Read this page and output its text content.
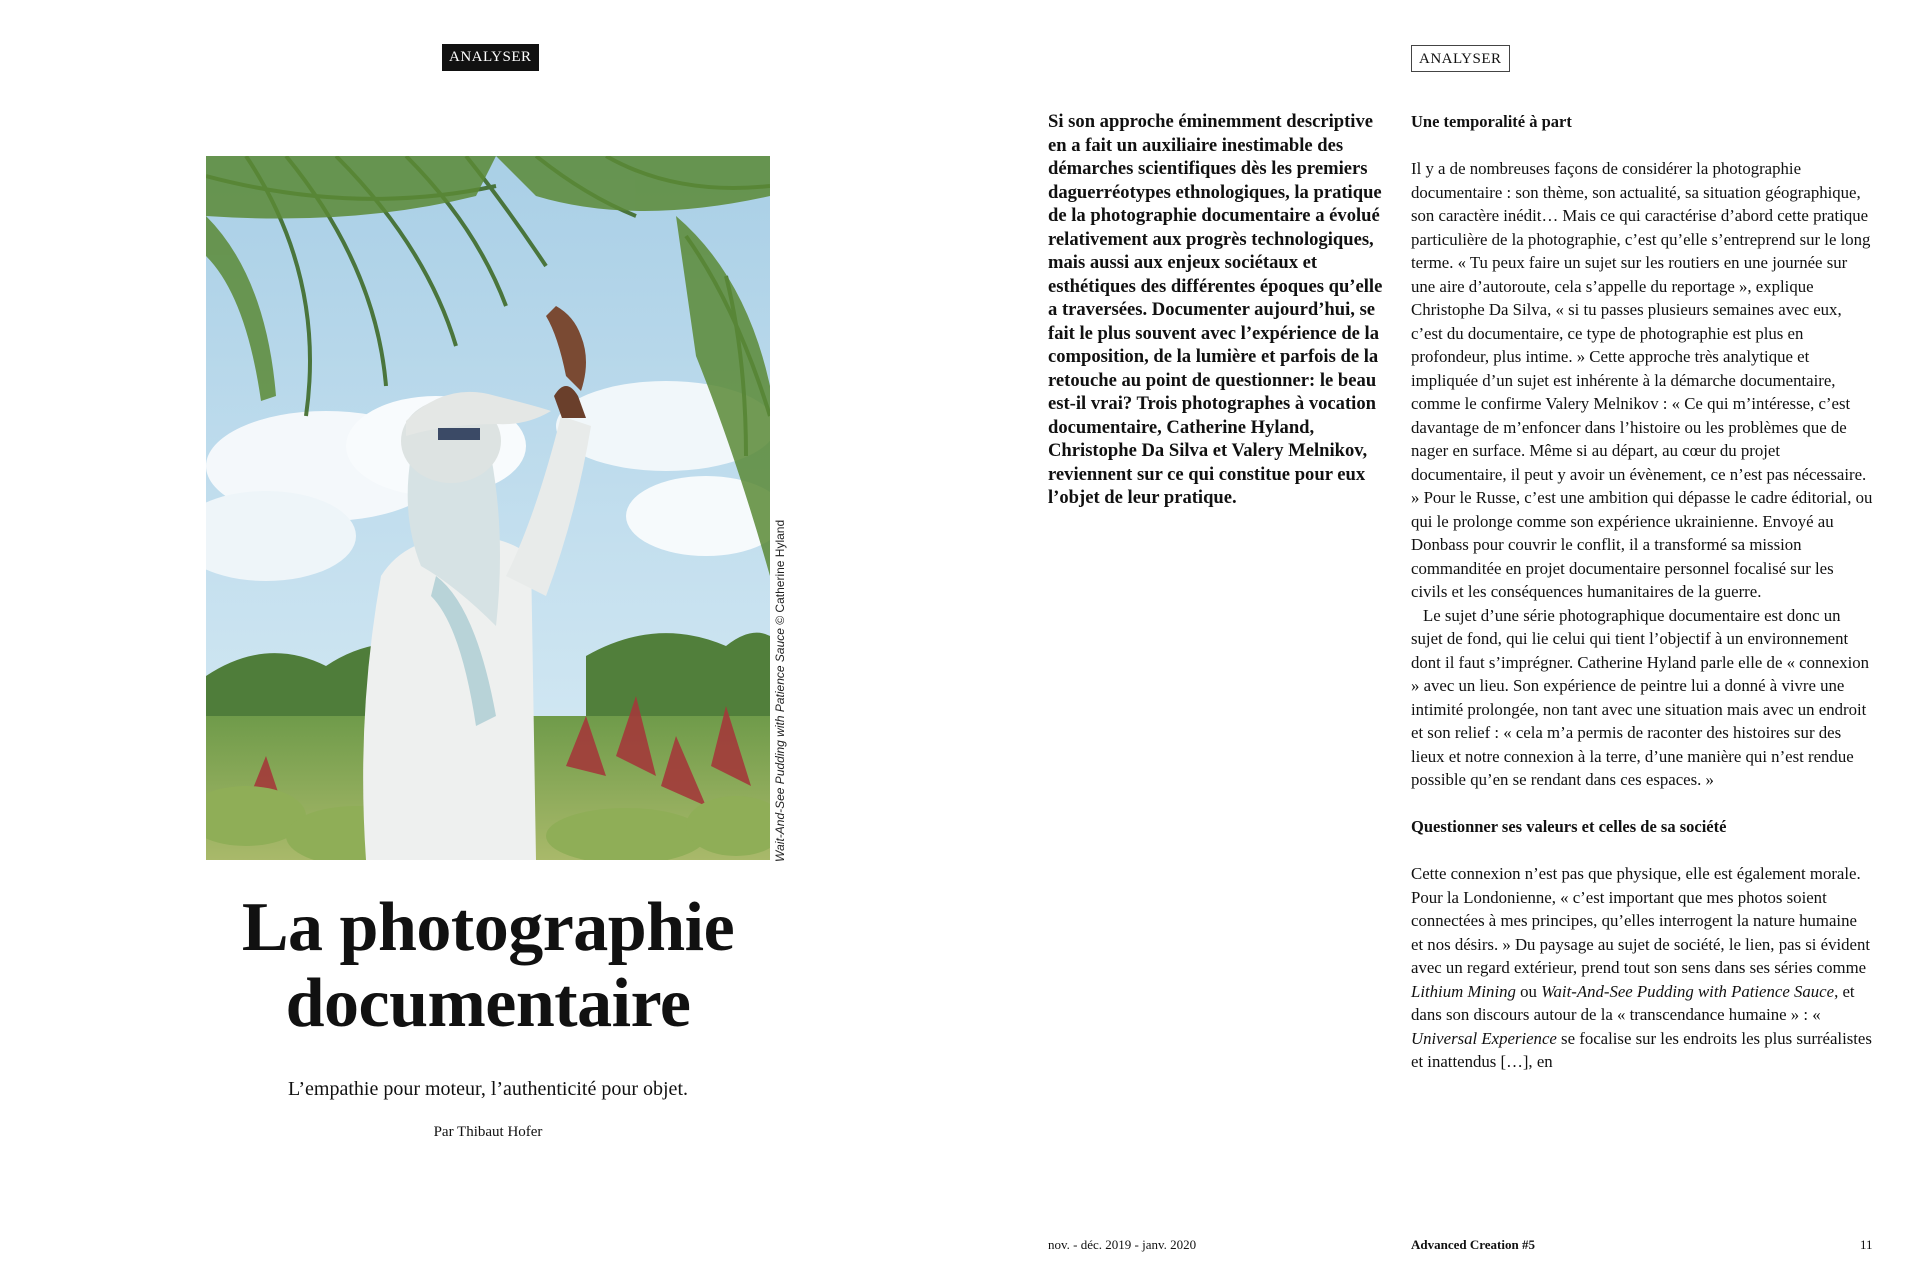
ANALYSER
Wait-And-See Pudding with Patience Sauce © Catherine Hyland
La photographie
documentaire

L’empathie pour moteur, l’authenticité pour objet.

Par Thibaut Hofer

ANALYSER

Si son approche éminemment descriptive en a fait un auxiliaire inestimable des démarches scientifiques dès les premiers daguerréotypes ethnologiques, la pratique de la photographie documentaire a évolué relativement aux progrès technologiques, mais aussi aux enjeux sociétaux et esthétiques des différentes époques qu’elle a traversées. Documenter aujourd’hui, se fait le plus souvent avec l’expérience de la composition, de la lumière et parfois de la retouche au point de questionner: le beau est-il vrai? Trois photographes à vocation documentaire, Catherine Hyland, Christophe Da Silva et Valery Melnikov, reviennent sur ce qui constitue pour eux l’objet de leur pratique.

Une temporalité à part

Il y a de nombreuses façons de considérer la photographie documentaire : son thème, son actualité, sa situation géographique, son caractère inédit… Mais ce qui caractérise d’abord cette pratique particulière de la photographie, c’est qu’elle s’entreprend sur le long terme. « Tu peux faire un sujet sur les routiers en une journée sur une aire d’autoroute, cela s’appelle du reportage », explique Christophe Da Silva, « si tu passes plusieurs semaines avec eux, c’est du documentaire, ce type de photographie est plus en profondeur, plus intime. » Cette approche très analytique et impliquée d’un sujet est inhérente à la démarche documentaire, comme le confirme Valery Melnikov : « Ce qui m’intéresse, c’est davantage de m’enfoncer dans l’histoire ou les problèmes que de nager en surface. Même si au départ, au cœur du projet documentaire, il peut y avoir un évènement, ce n’est pas nécessaire. » Pour le Russe, c’est une ambition qui dépasse le cadre éditorial, ou qui le prolonge comme son expérience ukrainienne. Envoyé au Donbass pour couvrir le conflit, il a transformé sa mission commanditée en projet documentaire personnel focalisé sur les civils et les conséquences humanitaires de la guerre.

Le sujet d’une série photographique documentaire est donc un sujet de fond, qui lie celui qui tient l’objectif à un environnement dont il faut s’imprégner. Catherine Hyland parle elle de « connexion » avec un lieu. Son expérience de peintre lui a donné à vivre une intimité prolongée, non tant avec une situation mais avec un endroit et son relief : « cela m’a permis de raconter des histoires sur des lieux et notre connexion à la terre, d’une manière qui n’est rendue possible qu’en se rendant dans ces espaces. »

Questionner ses valeurs et celles de sa société

Cette connexion n’est pas que physique, elle est également morale. Pour la Londonienne, « c’est important que mes photos soient connectées à mes principes, qu’elles interrogent la nature humaine et nos désirs. » Du paysage au sujet de société, le lien, pas si évident avec un regard extérieur, prend tout son sens dans ses séries comme Lithium Mining ou Wait-And-See Pudding with Patience Sauce, et dans son discours autour de la « transcendance humaine » : « Universal Experience se focalise sur les endroits les plus surréalistes et inattendus […], en

nov. - déc. 2019 - janv. 2020	Advanced Creation #5	11
